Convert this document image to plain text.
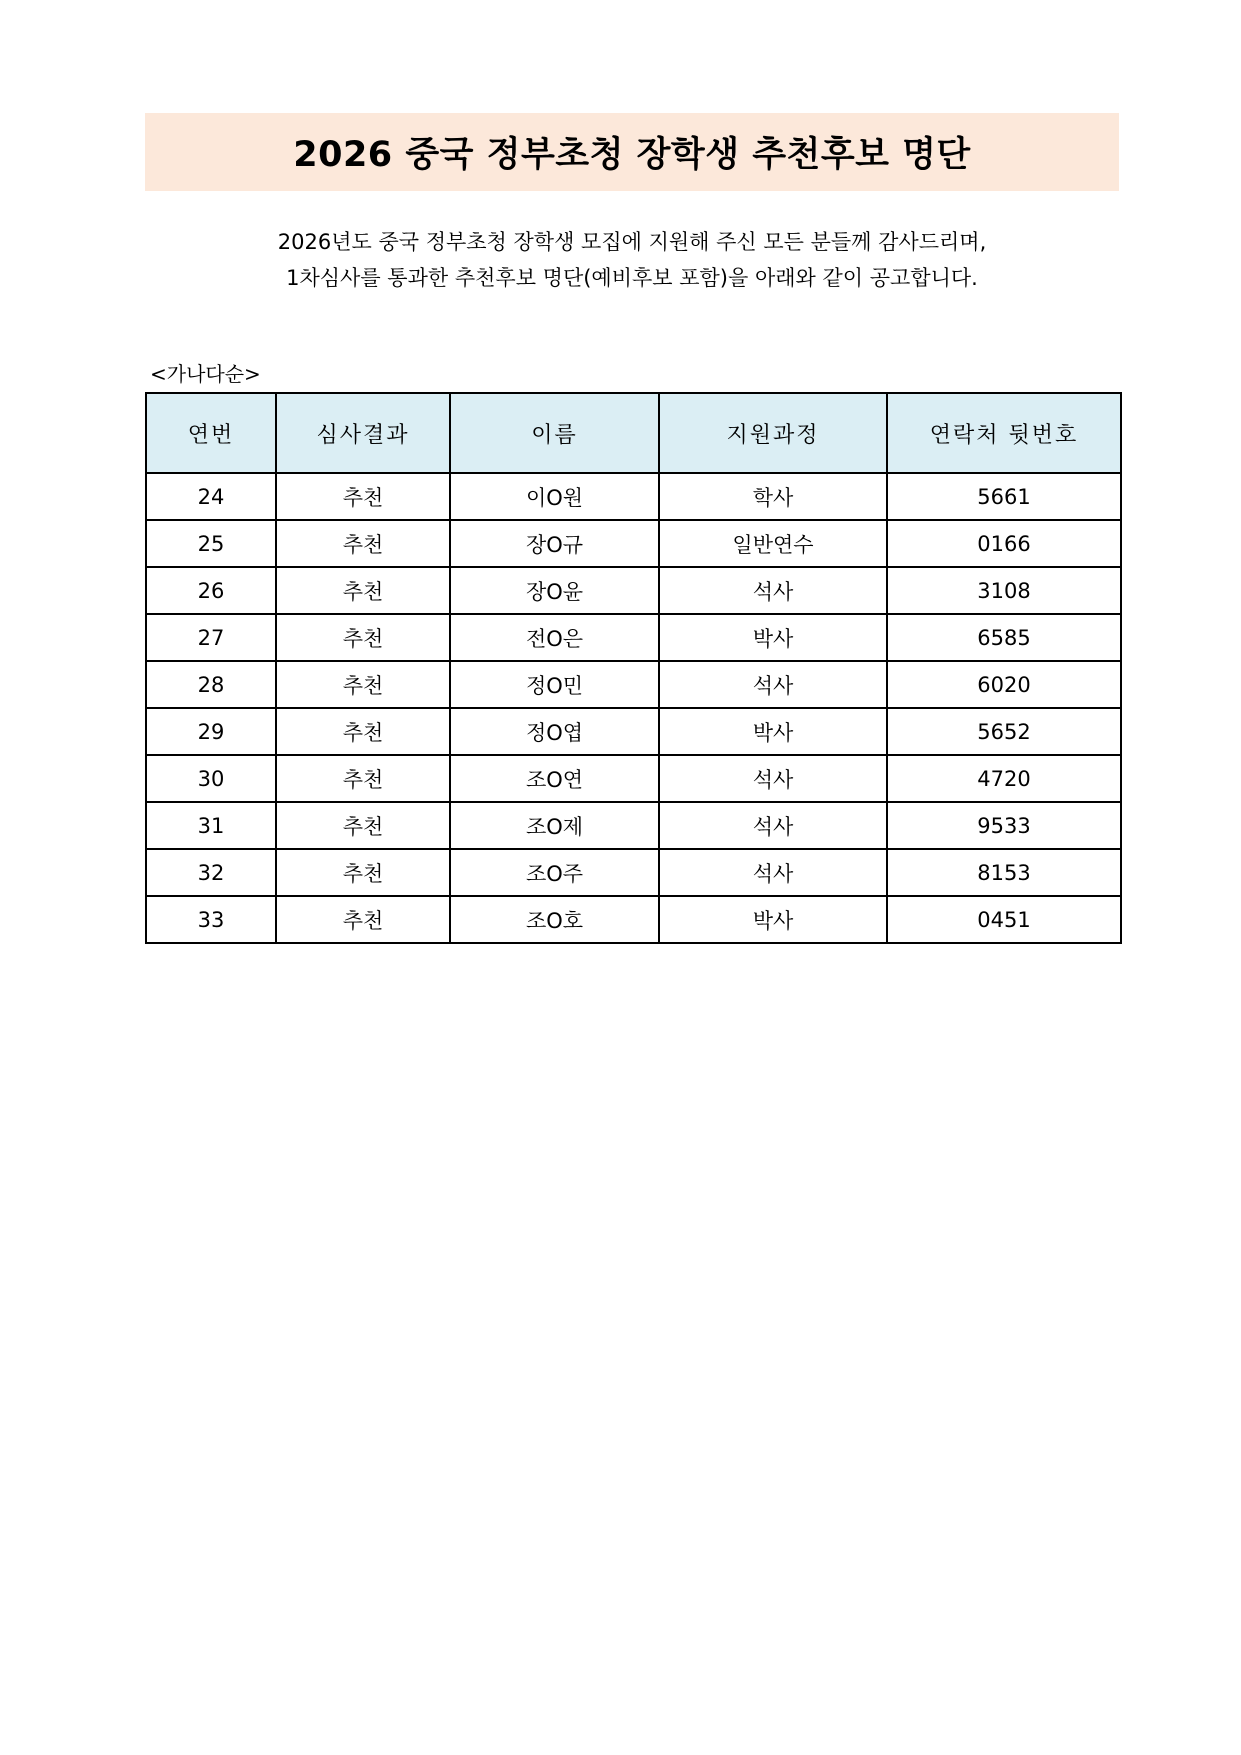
2026 중국 정부초청 장학생 추천후보 명단
2026년도 중국 정부초청 장학생 모집에 지원해 주신 모든 분들께 감사드리며,
1차심사를 통과한 추천후보 명단(예비후보 포함)을 아래와 같이 공고합니다.
<가나다순>
연번	심사결과	이름	지원과정	연락처 뒷번호
24	추천	이O원	학사	5661
25	추천	장O규	일반연수	0166
26	추천	장O윤	석사	3108
27	추천	전O은	박사	6585
28	추천	정O민	석사	6020
29	추천	정O엽	박사	5652
30	추천	조O연	석사	4720
31	추천	조O제	석사	9533
32	추천	조O주	석사	8153
33	추천	조O호	박사	0451
